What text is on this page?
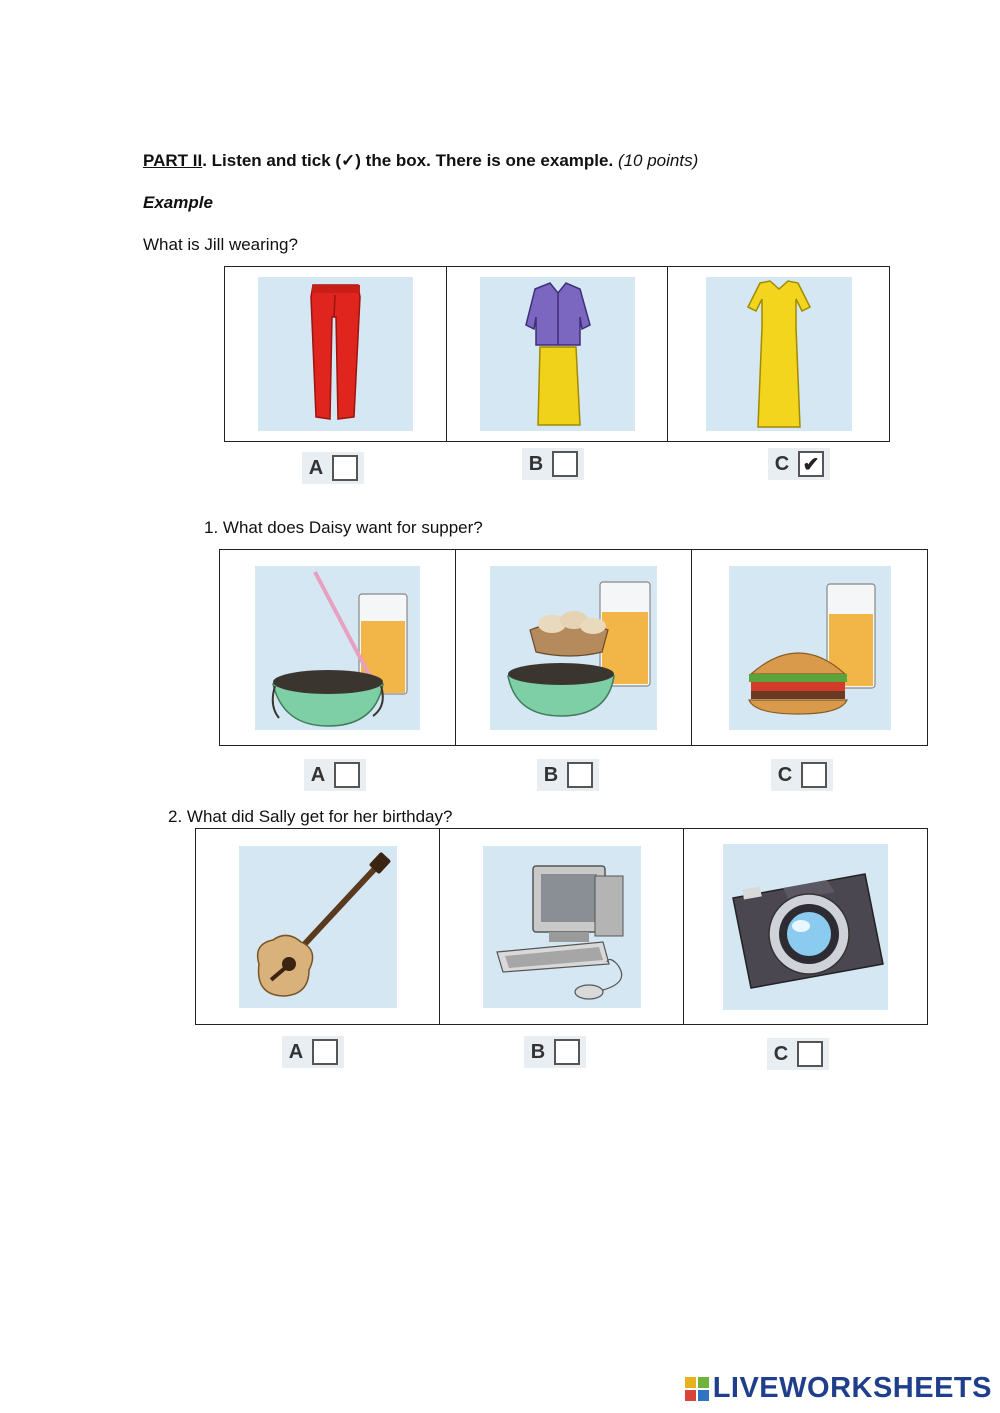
PART II. Listen and tick (✓) the box. There is one example. (10 points)
Example
What is Jill wearing?
A	B	C ✔
1. What does Daisy want for supper?
A	B	C
2. What did Sally get for her birthday?
A	B	C
LIVEWORKSHEETS
